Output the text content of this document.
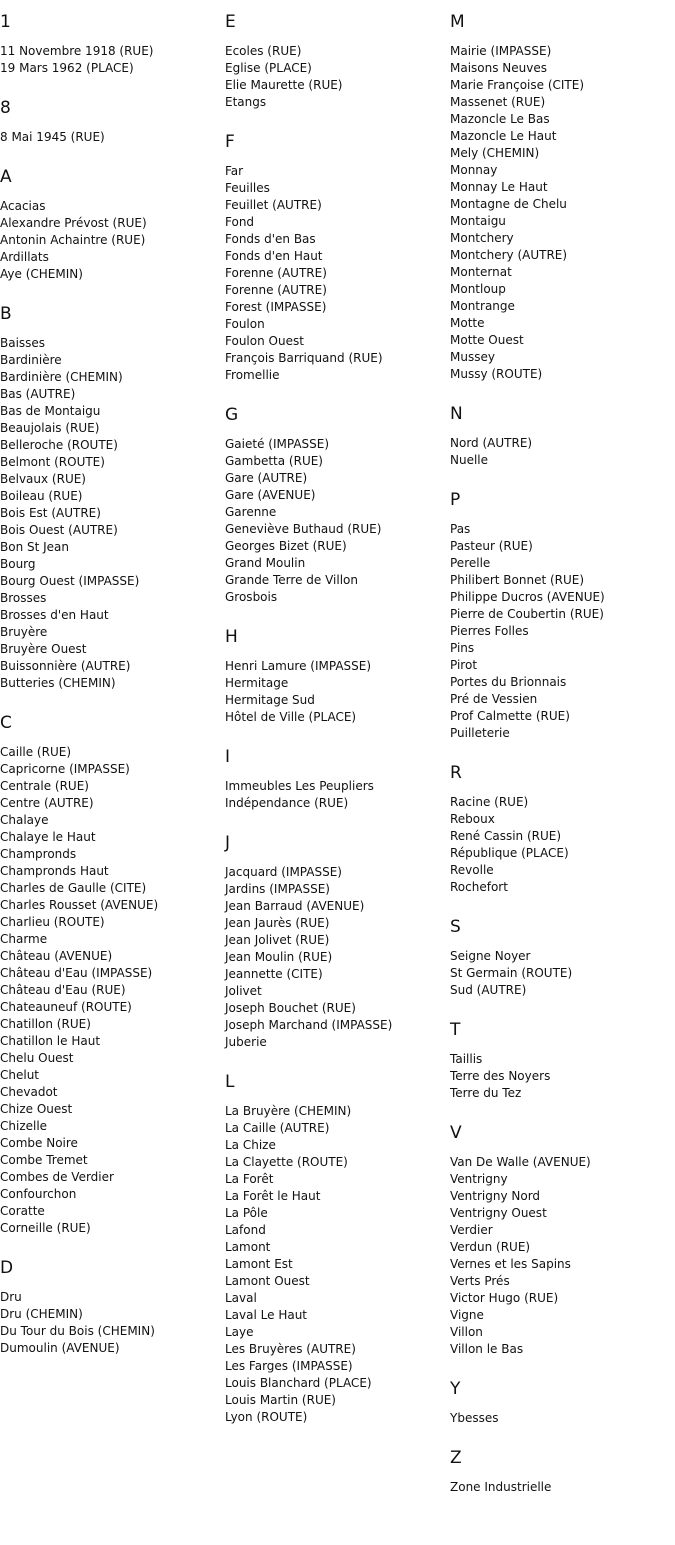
1
11 Novembre 1918 (RUE)
19 Mars 1962 (PLACE)
8
8 Mai 1945 (RUE)
A
Acacias
Alexandre Prévost (RUE)
Antonin Achaintre (RUE)
Ardillats
Aye (CHEMIN)
B
Baisses
Bardinière
Bardinière (CHEMIN)
Bas (AUTRE)
Bas de Montaigu
Beaujolais (RUE)
Belleroche (ROUTE)
Belmont (ROUTE)
Belvaux (RUE)
Boileau (RUE)
Bois Est (AUTRE)
Bois Ouest (AUTRE)
Bon St Jean
Bourg
Bourg Ouest (IMPASSE)
Brosses
Brosses d'en Haut
Bruyère
Bruyère Ouest
Buissonnière (AUTRE)
Butteries (CHEMIN)
C
Caille (RUE)
Capricorne (IMPASSE)
Centrale (RUE)
Centre (AUTRE)
Chalaye
Chalaye le Haut
Champronds
Champronds Haut
Charles de Gaulle (CITE)
Charles Rousset (AVENUE)
Charlieu (ROUTE)
Charme
Château (AVENUE)
Château d'Eau (IMPASSE)
Château d'Eau (RUE)
Chateauneuf (ROUTE)
Chatillon (RUE)
Chatillon le Haut
Chelu Ouest
Chelut
Chevadot
Chize Ouest
Chizelle
Combe Noire
Combe Tremet
Combes de Verdier
Confourchon
Coratte
Corneille (RUE)
D
Dru
Dru (CHEMIN)
Du Tour du Bois (CHEMIN)
Dumoulin (AVENUE)
E
Ecoles (RUE)
Eglise (PLACE)
Elie Maurette (RUE)
Etangs
F
Far
Feuilles
Feuillet (AUTRE)
Fond
Fonds d'en Bas
Fonds d'en Haut
Forenne (AUTRE)
Forenne (AUTRE)
Forest (IMPASSE)
Foulon
Foulon Ouest
François Barriquand (RUE)
Fromellie
G
Gaieté (IMPASSE)
Gambetta (RUE)
Gare (AUTRE)
Gare (AVENUE)
Garenne
Geneviève Buthaud (RUE)
Georges Bizet (RUE)
Grand Moulin
Grande Terre de Villon
Grosbois
H
Henri Lamure (IMPASSE)
Hermitage
Hermitage Sud
Hôtel de Ville (PLACE)
I
Immeubles Les Peupliers
Indépendance (RUE)
J
Jacquard (IMPASSE)
Jardins (IMPASSE)
Jean Barraud (AVENUE)
Jean Jaurès (RUE)
Jean Jolivet (RUE)
Jean Moulin (RUE)
Jeannette (CITE)
Jolivet
Joseph Bouchet (RUE)
Joseph Marchand (IMPASSE)
Juberie
L
La Bruyère (CHEMIN)
La Caille (AUTRE)
La Chize
La Clayette (ROUTE)
La Forêt
La Forêt le Haut
La Pôle
Lafond
Lamont
Lamont Est
Lamont Ouest
Laval
Laval Le Haut
Laye
Les Bruyères (AUTRE)
Les Farges (IMPASSE)
Louis Blanchard (PLACE)
Louis Martin (RUE)
Lyon (ROUTE)
M
Mairie (IMPASSE)
Maisons Neuves
Marie Françoise (CITE)
Massenet (RUE)
Mazoncle Le Bas
Mazoncle Le Haut
Mely (CHEMIN)
Monnay
Monnay Le Haut
Montagne de Chelu
Montaigu
Montchery
Montchery (AUTRE)
Monternat
Montloup
Montrange
Motte
Motte Ouest
Mussey
Mussy (ROUTE)
N
Nord (AUTRE)
Nuelle
P
Pas
Pasteur (RUE)
Perelle
Philibert Bonnet (RUE)
Philippe Ducros (AVENUE)
Pierre de Coubertin (RUE)
Pierres Folles
Pins
Pirot
Portes du Brionnais
Pré de Vessien
Prof Calmette (RUE)
Puilleterie
R
Racine (RUE)
Reboux
René Cassin (RUE)
République (PLACE)
Revolle
Rochefort
S
Seigne Noyer
St Germain (ROUTE)
Sud (AUTRE)
T
Taillis
Terre des Noyers
Terre du Tez
V
Van De Walle (AVENUE)
Ventrigny
Ventrigny Nord
Ventrigny Ouest
Verdier
Verdun (RUE)
Vernes et les Sapins
Verts Prés
Victor Hugo (RUE)
Vigne
Villon
Villon le Bas
Y
Ybesses
Z
Zone Industrielle
